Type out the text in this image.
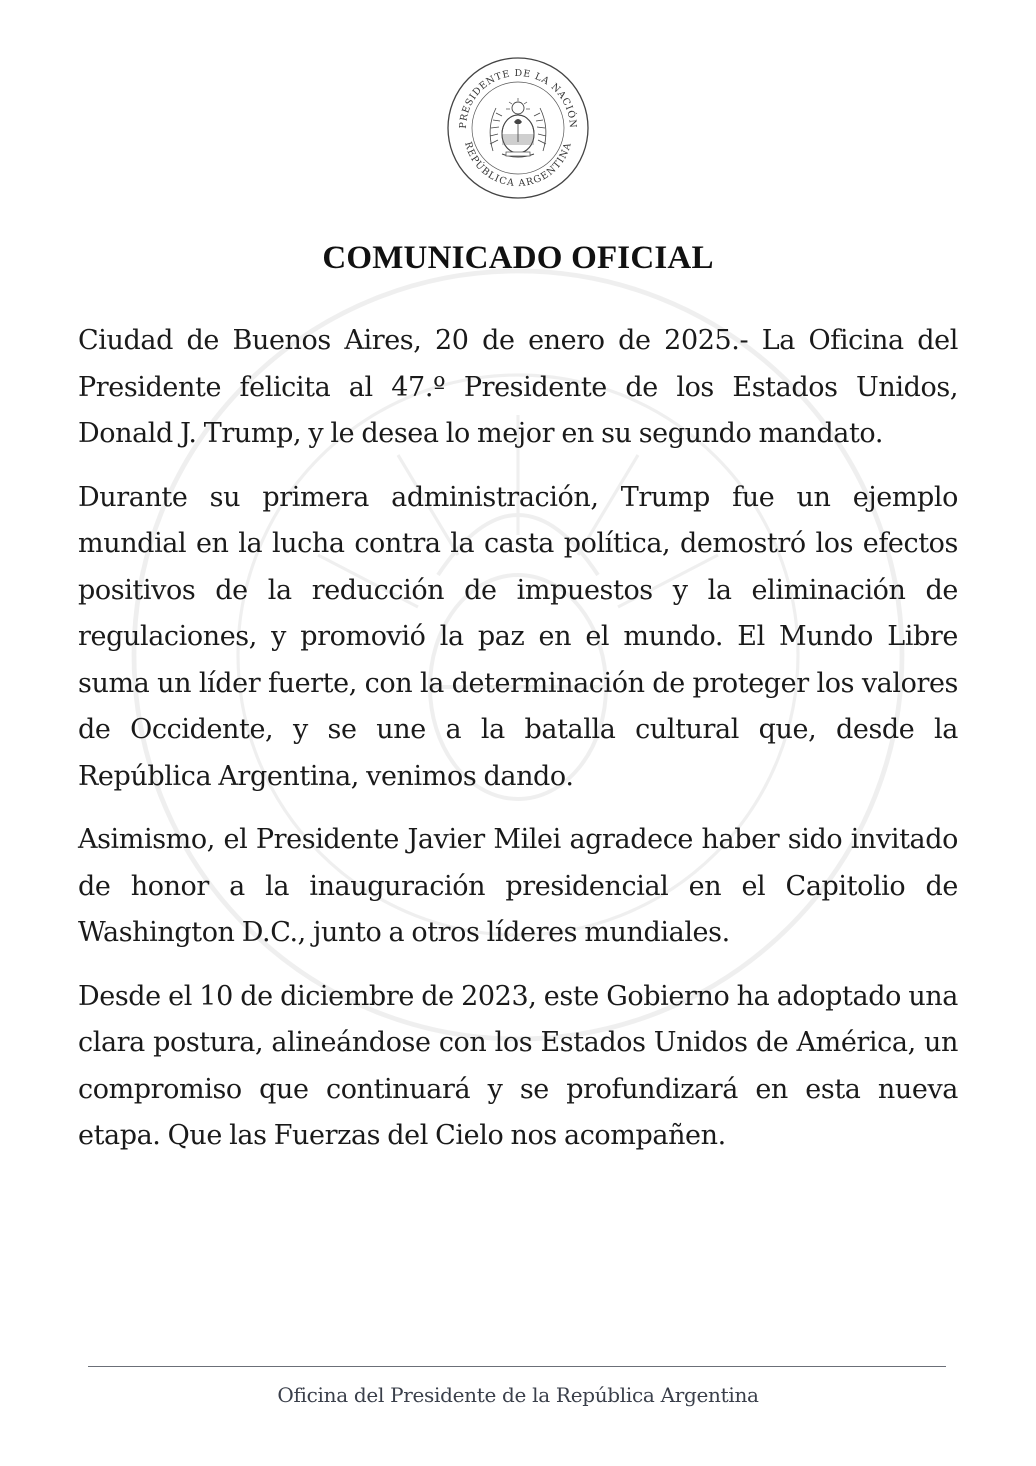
PRESIDENTE DE LA NACIÓN
REPÚBLICA ARGENTINA
COMUNICADO OFICIAL

Ciudad de Buenos Aires, 20 de enero de 2025.- La Oficina del Presidente felicita al 47.º Presidente de los Estados Unidos, Donald J. Trump, y le desea lo mejor en su segundo mandato.

Durante su primera administración, Trump fue un ejemplo mundial en la lucha contra la casta política, demostró los efectos positivos de la reducción de impuestos y la eliminación de regulaciones, y promovió la paz en el mundo. El Mundo Libre suma un líder fuerte, con la determinación de proteger los valores de Occidente, y se une a la batalla cultural que, desde la República Argentina, venimos dando.

Asimismo, el Presidente Javier Milei agradece haber sido invitado de honor a la inauguración presidencial en el Capitolio de Washington D.C., junto a otros líderes mundiales.

Desde el 10 de diciembre de 2023, este Gobierno ha adoptado una clara postura, alineándose con los Estados Unidos de América, un compromiso que continuará y se profundizará en esta nueva etapa. Que las Fuerzas del Cielo nos acompañen.

Oficina del Presidente de la República Argentina
